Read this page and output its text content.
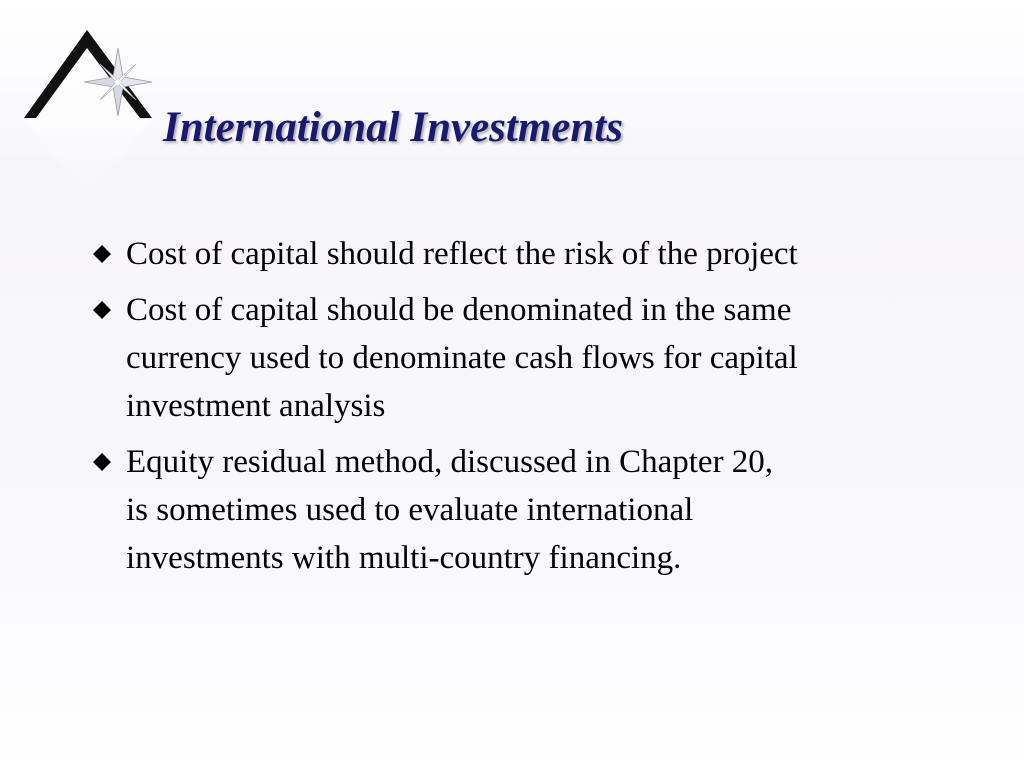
International Investments
Cost of capital should reflect the risk of the project
Cost of capital should be denominated in the same
currency used to denominate cash flows for capital
investment analysis
Equity residual method, discussed in Chapter 20,
is sometimes used to evaluate international
investments with multi-country financing.
